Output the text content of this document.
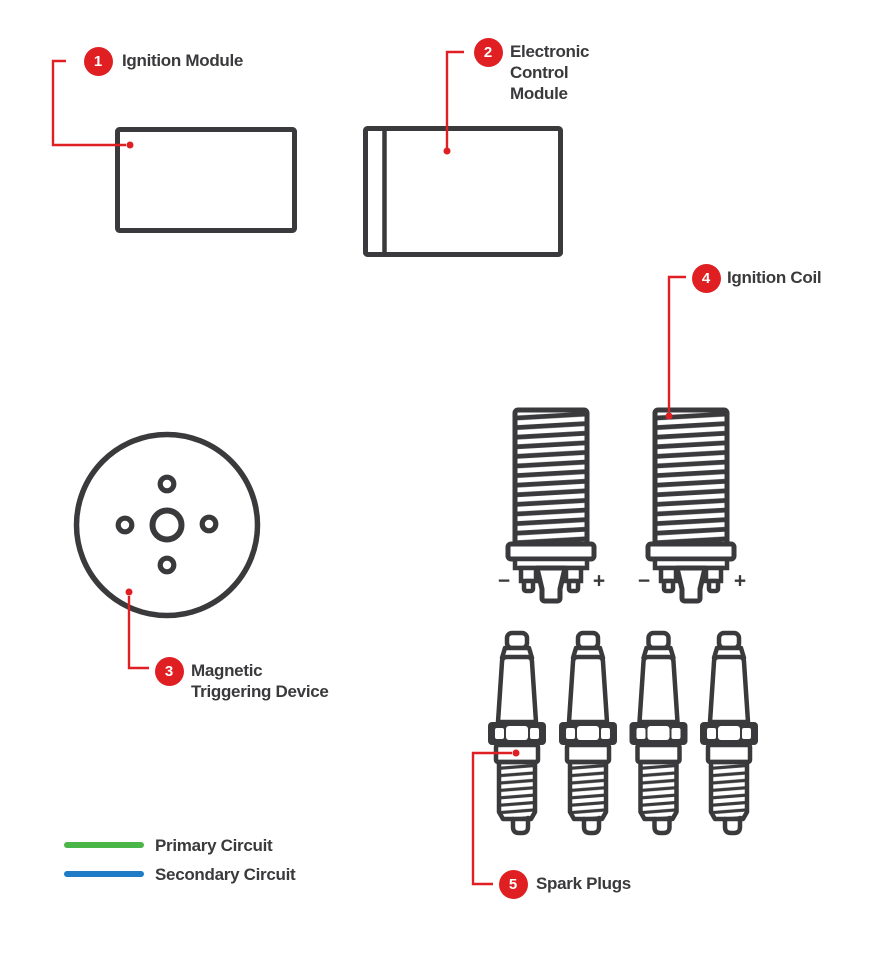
1
2
3
4
5
Ignition Module	Electronic
Control
Module
Magnetic
Triggering Device
Ignition Coil
Spark Plugs
−	+ −	+
Primary Circuit
Secondary Circuit
